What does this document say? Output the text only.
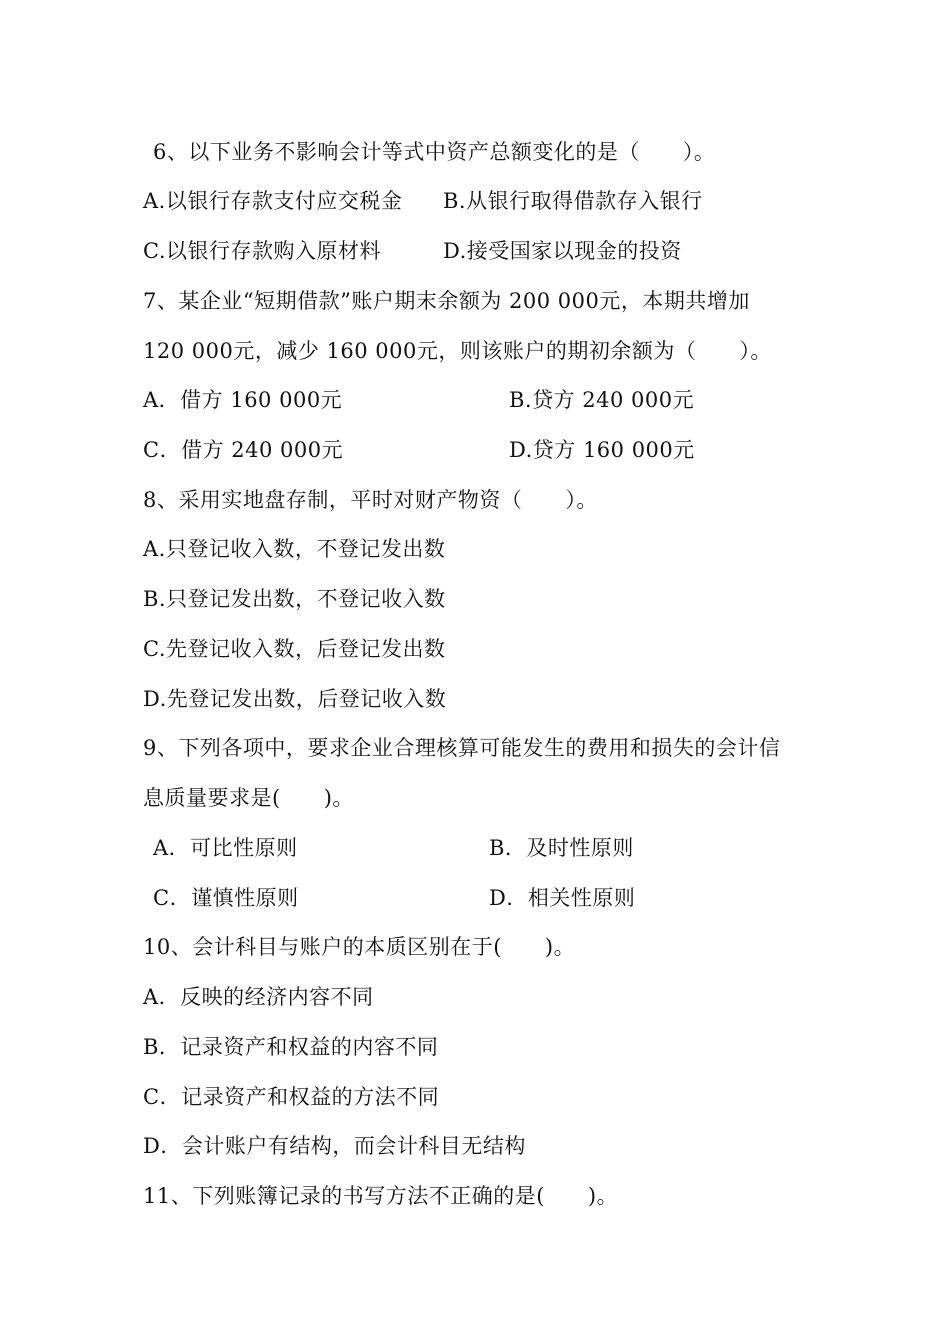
6、以下业务不影响会计等式中资产总额变化的是（　　）。
A.以银行存款支付应交税金 B.从银行取得借款存入银行
C.以银行存款购入原材料	D.接受国家以现金的投资
7、某企业“短期借款”账户期末余额为 200 000元，本期共增加
120 000元，减少 160 000元，则该账户的期初余额为（　　）。
A．借方 160 000元	B.贷方 240 000元
C．借方 240 000元	D.贷方 160 000元
8、采用实地盘存制，平时对财产物资（　　）。
A.只登记收入数，不登记发出数
B.只登记发出数，不登记收入数
C.先登记收入数，后登记发出数
D.先登记发出数，后登记收入数
9、下列各项中，要求企业合理核算可能发生的费用和损失的会计信
息质量要求是(　　)。
A．可比性原则	B．及时性原则
C．谨慎性原则	D．相关性原则
10、会计科目与账户的本质区别在于(　　)。
A．反映的经济内容不同
B．记录资产和权益的内容不同
C．记录资产和权益的方法不同
D．会计账户有结构，而会计科目无结构
11、下列账簿记录的书写方法不正确的是(　　)。
